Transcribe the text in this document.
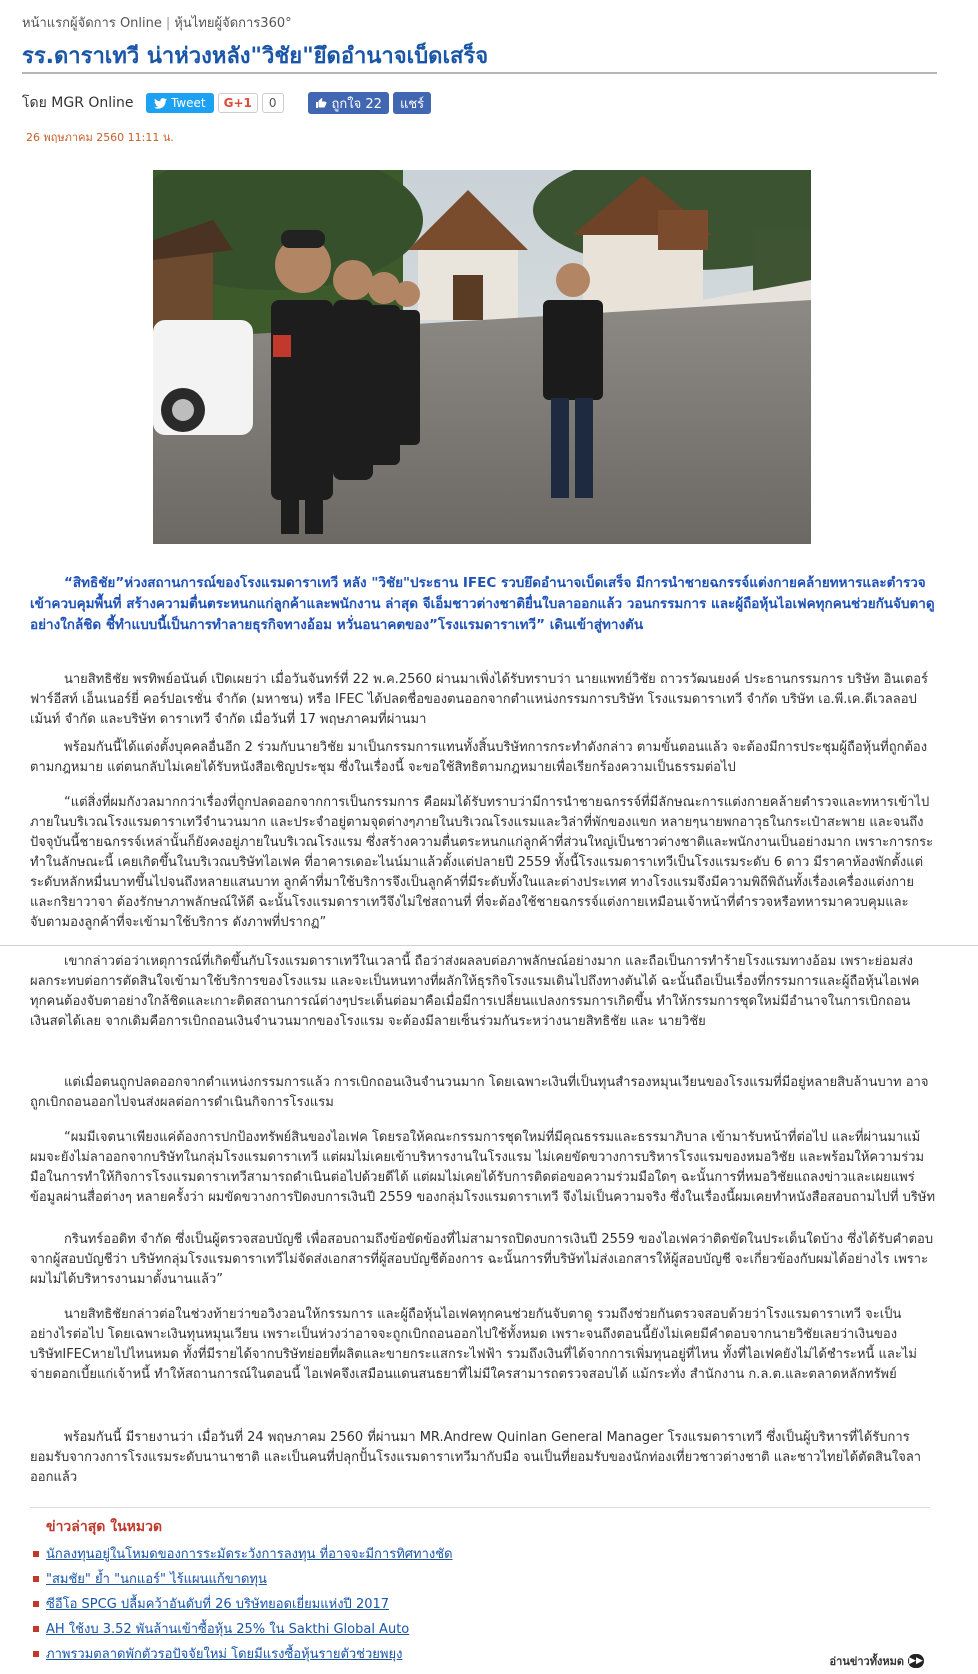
หน้าแรกผู้จัดการ Online | หุ้นไทยผู้จัดการ360°
รร.ดาราเทวี น่าห่วงหลัง"วิชัย"ยึดอำนาจเบ็ดเสร็จ
โดย MGR Online	Tweet	G+1	0	ถูกใจ 22	แชร์
26 พฤษภาคม 2560 11:11 น.

“สิทธิชัย”ห่วงสถานการณ์ของโรงแรมดาราเทวี หลัง "วิชัย"ประธาน IFEC รวบยึดอำนาจเบ็ดเสร็จ มีการนำชายฉกรรจ์แต่งกายคล้ายทหารและตำรวจเข้าควบคุมพื้นที่ สร้างความตื่นตระหนกแก่ลูกค้าและพนักงาน ล่าสุด จีเอ็มชาวต่างชาติยื่นใบลาออกแล้ว วอนกรรมการ และผู้ถือหุ้นไอเฟคทุกคนช่วยกันจับตาดูอย่างใกล้ชิด ชี้ทำแบบนี้เป็นการทำลายธุรกิจทางอ้อม หวั่นอนาคตของ”โรงแรมดาราเทวี” เดินเข้าสู่ทางตัน

นายสิทธิชัย พรทิพย์อนันต์ เปิดเผยว่า เมื่อวันจันทร์ที่ 22 พ.ค.2560 ผ่านมาเพิ่งได้รับทราบว่า นายแพทย์วิชัย ถาวรวัฒนยงค์ ประธานกรรมการ บริษัท อินเตอร์ ฟาร์อีสท์ เอ็นเนอร์ยี่ คอร์ปอเรชั่น จำกัด (มหาชน) หรือ IFEC ได้ปลดชื่อของตนออกจากตำแหน่งกรรมการบริษัท โรงแรมดาราเทวี จำกัด บริษัท เอ.พี.เค.ดีเวลลอปเม้นท์ จำกัด และบริษัท ดาราเทวี จำกัด เมื่อวันที่ 17 พฤษภาคมที่ผ่านมา

พร้อมกันนี้ได้แต่งตั้งบุคคลอื่นอีก 2 ร่วมกับนายวิชัย มาเป็นกรรมการแทนทั้งสิ้นบริษัทการกระทำดังกล่าว ตามขั้นตอนแล้ว จะต้องมีการประชุมผู้ถือหุ้นที่ถูกต้องตามกฎหมาย แต่ตนกลับไม่เคยได้รับหนังสือเชิญประชุม ซึ่งในเรื่องนี้ จะขอใช้สิทธิตามกฎหมายเพื่อเรียกร้องความเป็นธรรมต่อไป

“แต่สิ่งที่ผมกังวลมากกว่าเรื่องที่ถูกปลดออกจากการเป็นกรรมการ คือผมได้รับทราบว่ามีการนำชายฉกรรจ์ที่มีลักษณะการแต่งกายคล้ายตำรวจและทหารเข้าไปภายในบริเวณโรงแรมดาราเทวีจำนวนมาก และประจำอยู่ตามจุดต่างๆภายในบริเวณโรงแรมและวิล่าที่พักของแขก หลายๆนายพกอาวุธในกระเป๋าสะพาย และจนถึงปัจจุบันนี้ชายฉกรรจ์เหล่านั้นก็ยังคงอยู่ภายในบริเวณโรงแรม ซึ่งสร้างความตื่นตระหนกแก่ลูกค้าที่ส่วนใหญ่เป็นชาวต่างชาติและพนักงานเป็นอย่างมาก เพราะการกระทำในลักษณะนี้ เคยเกิดขึ้นในบริเวณบริษัทไอเฟค ที่อาคารเดอะไนน์มาแล้วตั้งแต่ปลายปี 2559 ทั้งนี้โรงแรมดาราเทวีเป็นโรงแรมระดับ 6 ดาว มีราคาห้องพักตั้งแต่ระดับหลักหมื่นบาทขึ้นไปจนถึงหลายแสนบาท ลูกค้าที่มาใช้บริการจึงเป็นลูกค้าที่มีระดับทั้งในและต่างประเทศ ทางโรงแรมจึงมีความพิถีพิถันทั้งเรื่องเครื่องแต่งกาย และกริยาวาจา ต้องรักษาภาพลักษณ์ให้ดี ฉะนั้นโรงแรมดาราเทวีจึงไม่ใช่สถานที่ ที่จะต้องใช้ชายฉกรรจ์แต่งกายเหมือนเจ้าหน้าที่ตำรวจหรือทหารมาควบคุมและจับตามองลูกค้าที่จะเข้ามาใช้บริการ ดังภาพที่ปรากฏ”

เขากล่าวต่อว่าเหตุการณ์ที่เกิดขึ้นกับโรงแรมดาราเทวีในเวลานี้ ถือว่าส่งผลลบต่อภาพลักษณ์อย่างมาก และถือเป็นการทำร้ายโรงแรมทางอ้อม เพราะย่อมส่งผลกระทบต่อการตัดสินใจเข้ามาใช้บริการของโรงแรม และจะเป็นหนทางที่ผลักให้ธุรกิจโรงแรมเดินไปถึงทางตันได้ ฉะนั้นถือเป็นเรื่องที่กรรมการและผู้ถือหุ้นไอเฟคทุกคนต้องจับตาอย่างใกล้ชิดและเกาะติดสถานการณ์ต่างๆประเด็นต่อมาคือเมื่อมีการเปลี่ยนแปลงกรรมการเกิดขึ้น ทำให้กรรมการชุดใหม่มีอำนาจในการเบิกถอนเงินสดได้เลย จากเดิมคือการเบิกถอนเงินจำนวนมากของโรงแรม จะต้องมีลายเซ็นร่วมกันระหว่างนายสิทธิชัย และ นายวิชัย

แต่เมื่อตนถูกปลดออกจากตำแหน่งกรรมการแล้ว การเบิกถอนเงินจำนวนมาก โดยเฉพาะเงินที่เป็นทุนสำรองหมุนเวียนของโรงแรมที่มีอยู่หลายสิบล้านบาท อาจถูกเบิกถอนออกไปจนส่งผลต่อการดำเนินกิจการโรงแรม

“ผมมีเจตนาเพียงแค่ต้องการปกป้องทรัพย์สินของไอเฟค โดยรอให้คณะกรรมการชุดใหม่ที่มีคุณธรรมและธรรมาภิบาล เข้ามารับหน้าที่ต่อไป และที่ผ่านมาแม้ผมจะยังไม่ลาออกจากบริษัทในกลุ่มโรงแรมดาราเทวี แต่ผมไม่เคยเข้าบริหารงานในโรงแรม ไม่เคยขัดขวางการบริหารโรงแรมของหมอวิชัย และพร้อมให้ความร่วมมือในการทำให้กิจการโรงแรมดาราเทวีสามารถดำเนินต่อไปด้วยดีได้ แต่ผมไม่เคยได้รับการติดต่อขอความร่วมมือใดๆ ฉะนั้นการที่หมอวิชัยแถลงข่าวและเผยแพร่ข้อมูลผ่านสื่อต่างๆ หลายครั้งว่า ผมขัดขวางการปิดงบการเงินปี 2559 ของกลุ่มโรงแรมดาราเทวี จึงไม่เป็นความจริง ซึ่งในเรื่องนี้ผมเคยทำหนังสือสอบถามไปที่ บริษัท

กรินทร์ออดิท จำกัด ซึ่งเป็นผู้ตรวจสอบบัญชี เพื่อสอบถามถึงข้อขัดข้องที่ไม่สามารถปิดงบการเงินปี 2559 ของไอเฟคว่าติดขัดในประเด็นใดบ้าง ซึ่งได้รับคำตอบจากผู้สอบบัญชีว่า บริษัทกลุ่มโรงแรมดาราเทวีไม่จัดส่งเอกสารที่ผู้สอบบัญชีต้องการ ฉะนั้นการที่บริษัทไม่ส่งเอกสารให้ผู้สอบบัญชี จะเกี่ยวข้องกับผมได้อย่างไร เพราะผมไม่ได้บริหารงานมาตั้งนานแล้ว”

นายสิทธิชัยกล่าวต่อในช่วงท้ายว่าขอวิงวอนให้กรรมการ และผู้ถือหุ้นไอเฟคทุกคนช่วยกันจับตาดู รวมถึงช่วยกันตรวจสอบด้วยว่าโรงแรมดาราเทวี จะเป็นอย่างไรต่อไป โดยเฉพาะเงินทุนหมุนเวียน เพราะเป็นห่วงว่าอาจจะถูกเบิกถอนออกไปใช้ทั้งหมด เพราะจนถึงตอนนี้ยังไม่เคยมีคำตอบจากนายวิชัยเลยว่าเงินของบริษัทIFECหายไปไหนหมด ทั้งที่มีรายได้จากบริษัทย่อยที่ผลิตและขายกระแสกระไฟฟ้า รวมถึงเงินที่ได้จากการเพิ่มทุนอยู่ที่ไหน ทั้งที่ไอเฟคยังไม่ได้ชำระหนี้ และไม่จ่ายดอกเบี้ยแก่เจ้าหนี้ ทำให้สถานการณ์ในตอนนี้ ไอเฟคจึงเสมือนแดนสนธยาที่ไม่มีใครสามารถตรวจสอบได้ แม้กระทั่ง สำนักงาน ก.ล.ต.และตลาดหลักทรัพย์

พร้อมกันนี้ มีรายงานว่า เมื่อวันที่ 24 พฤษภาคม 2560 ที่ผ่านมา MR.Andrew Quinlan General Manager โรงแรมดาราเทวี ซึ่งเป็นผู้บริหารที่ได้รับการยอมรับจากวงการโรงแรมระดับนานาชาติ และเป็นคนที่ปลุกปั้นโรงแรมดาราเทวีมากับมือ จนเป็นที่ยอมรับของนักท่องเที่ยวชาวต่างชาติ และชาวไทยได้ตัดสินใจลาออกแล้ว

ข่าวล่าสุด ในหมวด
นักลงทุนอยู่ในโหมดของการระมัดระวังการลงทุน ที่อาจจะมีการทิศทางชัด
"สมชัย" ย้ำ "นกแอร์" ไร้แผนแก้ขาดทุน
ซีอีโอ SPCG ปลื้มคว้าอันดับที่ 26 บริษัทยอดเยี่ยมแห่งปี 2017
AH ใช้งบ 3.52 พันล้านเข้าซื้อหุ้น 25% ใน Sakthi Global Auto
ภาพรวมตลาดพักตัวรอปัจจัยใหม่ โดยมีแรงซื้อหุ้นรายตัวช่วยพยุง	อ่านข่าวทั้งหมด ▶▶
